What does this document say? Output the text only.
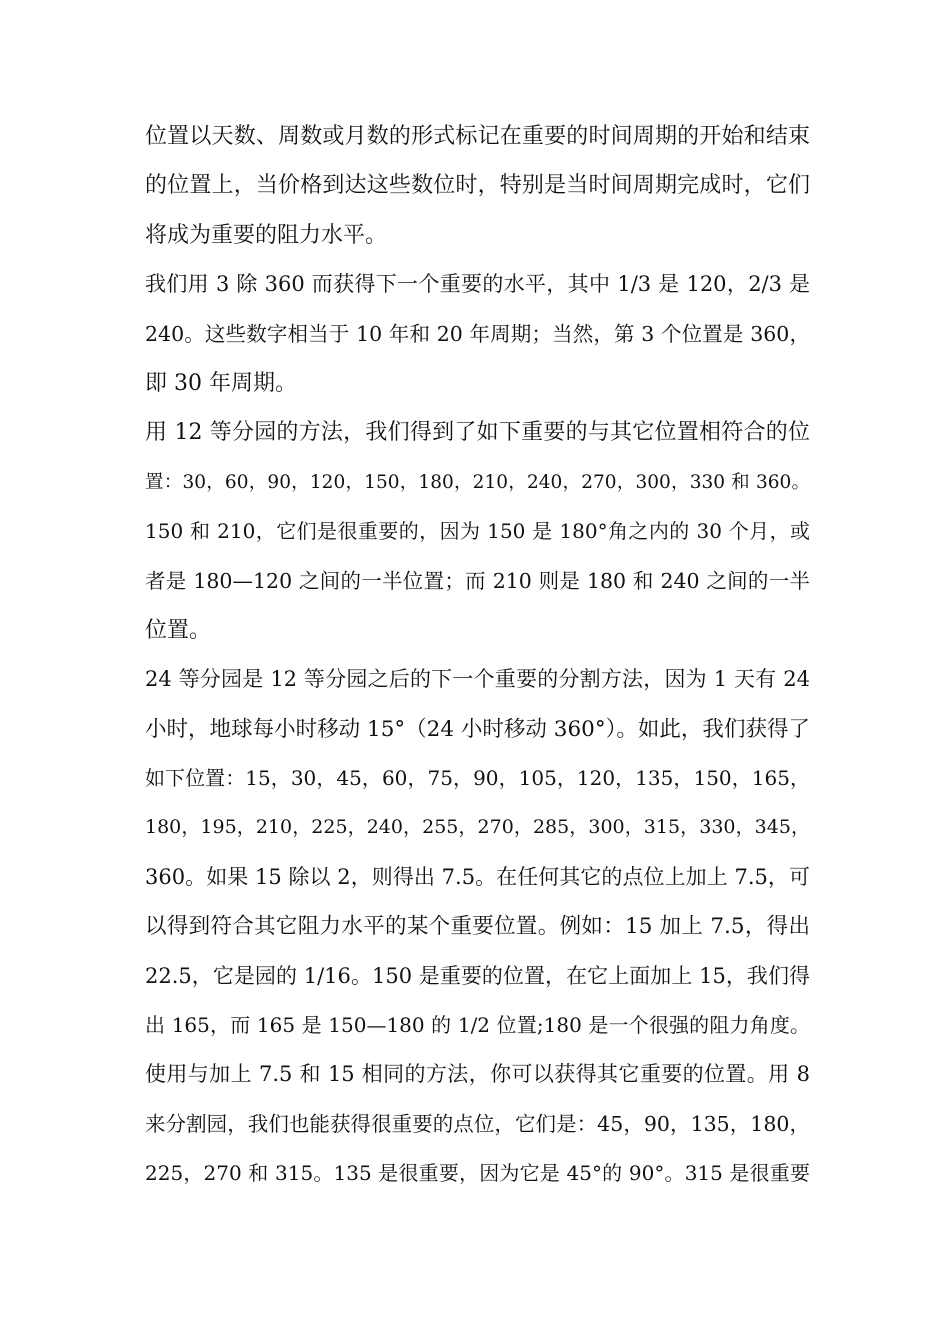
位置以天数、周数或月数的形式标记在重要的时间周期的开始和结束
的位置上，当价格到达这些数位时，特别是当时间周期完成时，它们
将成为重要的阻力水平。
我们用 3 除 360 而获得下一个重要的水平，其中 1/3 是 120，2/3 是
240。这些数字相当于 10 年和 20 年周期；当然，第 3 个位置是 360，
即 30 年周期。
用 12 等分园的方法，我们得到了如下重要的与其它位置相符合的位
置：30，60，90，120，150，180，210，240，270，300，330 和 360。
150 和 210，它们是很重要的，因为 150 是 180°角之内的 30 个月，或
者是 180—120 之间的一半位置；而 210 则是 180 和 240 之间的一半
位置。
24 等分园是 12 等分园之后的下一个重要的分割方法，因为 1 天有 24
小时，地球每小时移动 15°（24 小时移动 360°）。如此，我们获得了
如下位置：15，30，45，60，75，90，105，120，135，150，165，
180，195，210，225，240，255，270，285，300，315，330，345，
360。如果 15 除以 2，则得出 7.5。在任何其它的点位上加上 7.5，可
以得到符合其它阻力水平的某个重要位置。例如：15 加上 7.5，得出
22.5，它是园的 1/16。150 是重要的位置，在它上面加上 15，我们得
出 165，而 165 是 150—180 的 1/2 位置;180 是一个很强的阻力角度。
使用与加上 7.5 和 15 相同的方法，你可以获得其它重要的位置。用 8
来分割园，我们也能获得很重要的点位，它们是：45，90，135，180，
225，270 和 315。135 是很重要，因为它是 45°的 90°。315 是很重要
